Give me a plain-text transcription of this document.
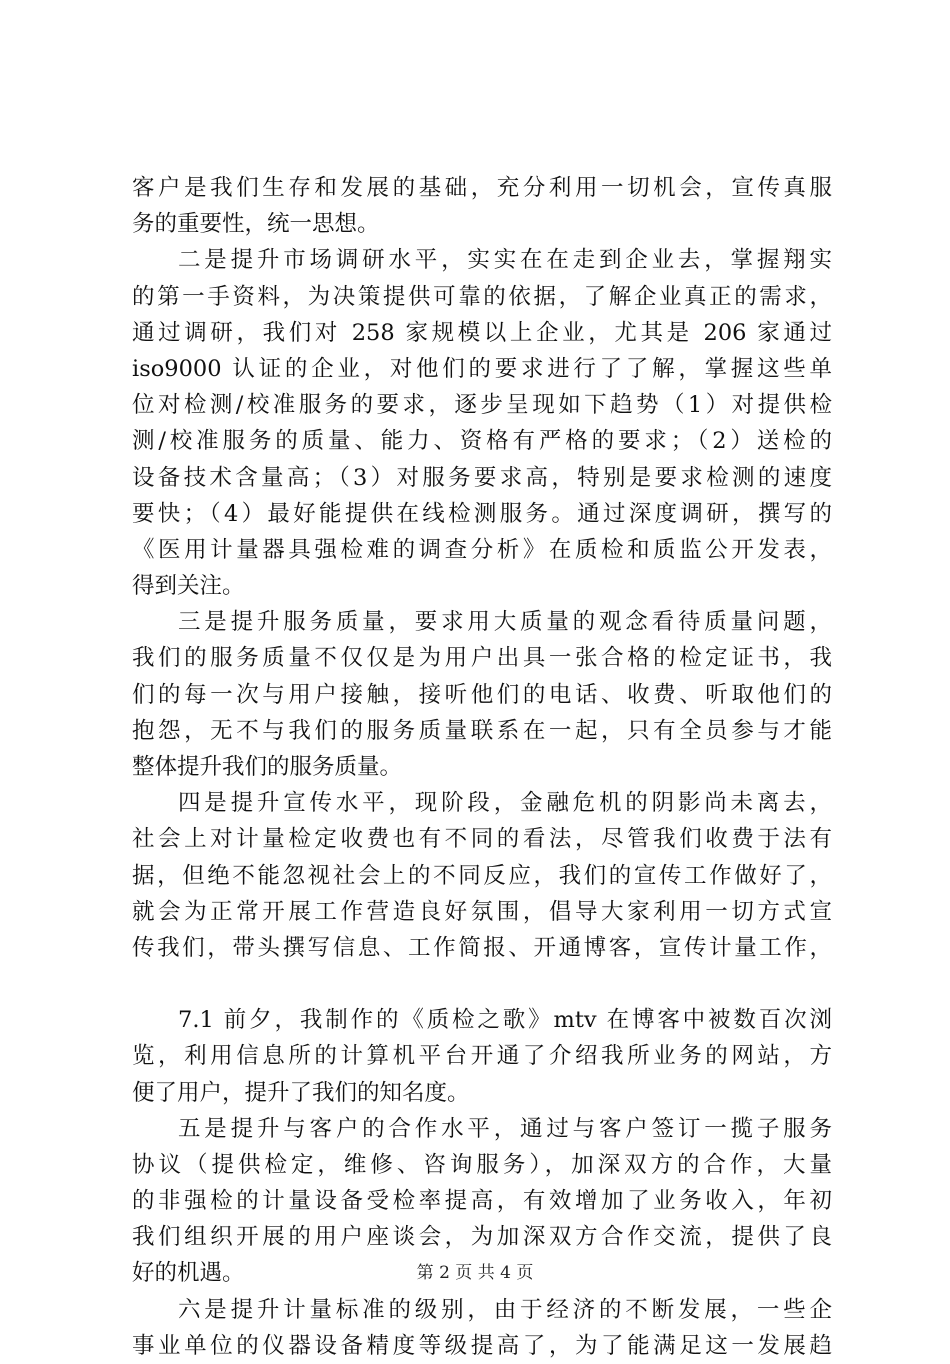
客户是我们生存和发展的基础，充分利用一切机会，宣传真服
务的重要性，统一思想。
二是提升市场调研水平，实实在在走到企业去，掌握翔实
的第一手资料，为决策提供可靠的依据，了解企业真正的需求，
通过调研，我们对 258 家规模以上企业，尤其是 206 家通过
iso9000 认证的企业，对他们的要求进行了了解，掌握这些单
位对检测/校准服务的要求，逐步呈现如下趋势（1）对提供检
测/校准服务的质量、能力、资格有严格的要求；（2）送检的
设备技术含量高；（3）对服务要求高，特别是要求检测的速度
要快；（4）最好能提供在线检测服务。通过深度调研，撰写的
《医用计量器具强检难的调查分析》在质检和质监公开发表，
得到关注。
三是提升服务质量，要求用大质量的观念看待质量问题，
我们的服务质量不仅仅是为用户出具一张合格的检定证书，我
们的每一次与用户接触，接听他们的电话、收费、听取他们的
抱怨，无不与我们的服务质量联系在一起，只有全员参与才能
整体提升我们的服务质量。
四是提升宣传水平，现阶段，金融危机的阴影尚未离去，
社会上对计量检定收费也有不同的看法，尽管我们收费于法有
据，但绝不能忽视社会上的不同反应，我们的宣传工作做好了，
就会为正常开展工作营造良好氛围，倡导大家利用一切方式宣
传我们，带头撰写信息、工作简报、开通博客，宣传计量工作，
7.1 前夕，我制作的《质检之歌》mtv 在博客中被数百次浏
览，利用信息所的计算机平台开通了介绍我所业务的网站，方
便了用户，提升了我们的知名度。
五是提升与客户的合作水平，通过与客户签订一揽子服务
协议（提供检定，维修、咨询服务），加深双方的合作，大量
的非强检的计量设备受检率提高，有效增加了业务收入，年初
我们组织开展的用户座谈会，为加深双方合作交流，提供了良
好的机遇。
六是提升计量标准的级别，由于经济的不断发展，一些企
事业单位的仪器设备精度等级提高了，为了能满足这一发展趋
第 2 页 共 4 页
